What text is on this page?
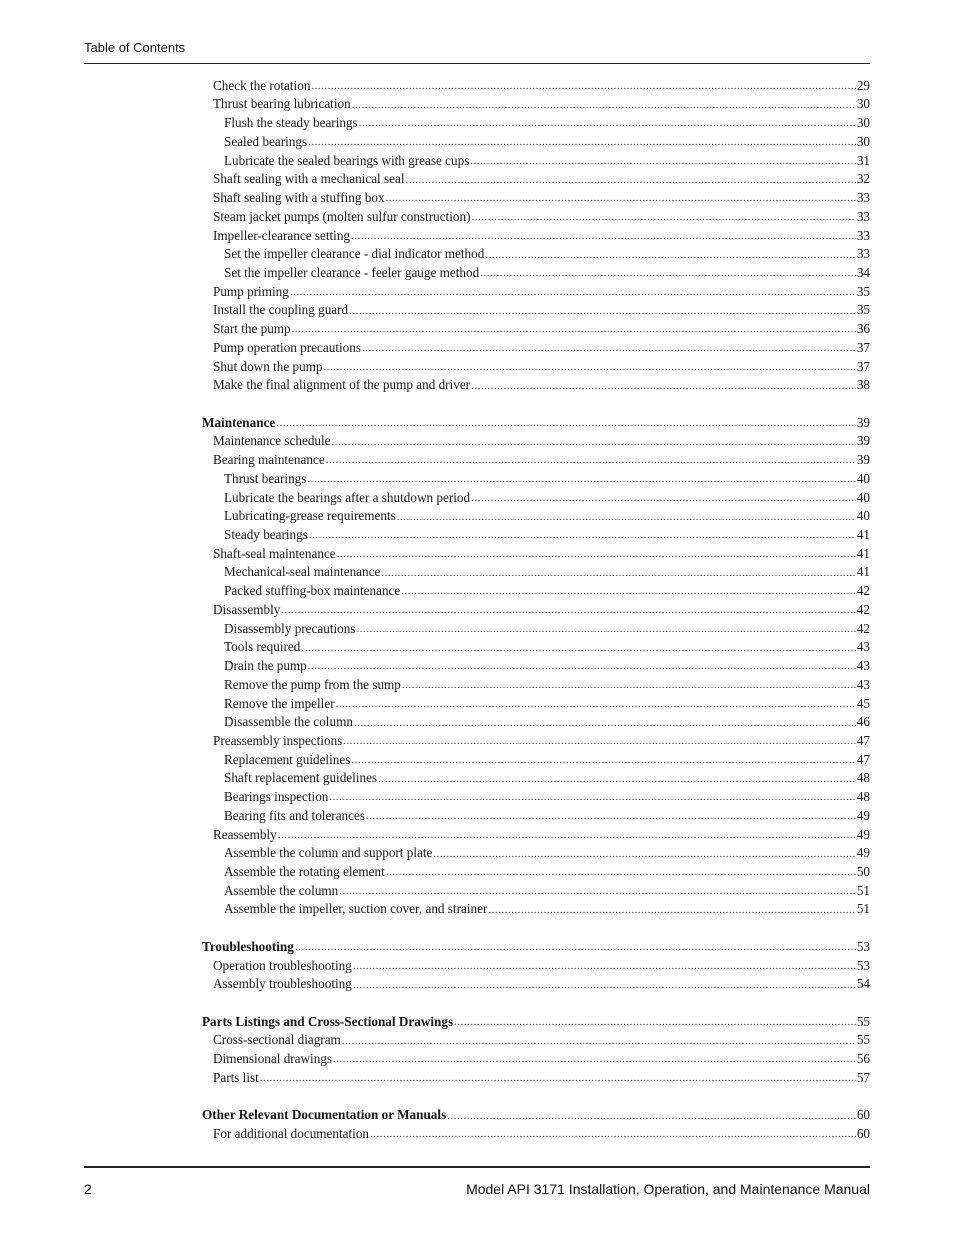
Table of Contents
Check the rotation .....	29
Thrust bearing lubrication .....	30
Flush the steady bearings .....	30
Sealed bearings .....	30
Lubricate the sealed bearings with grease cups .....	31
Shaft sealing with a mechanical seal .....	32
Shaft sealing with a stuffing box .....	33
Steam jacket pumps (molten sulfur construction) .....	33
Impeller-clearance setting .....	33
Set the impeller clearance - dial indicator method .....	33
Set the impeller clearance - feeler gauge method .....	34
Pump priming .....	35
Install the coupling guard .....	35
Start the pump .....	36
Pump operation precautions .....	37
Shut down the pump .....	37
Make the final alignment of the pump and driver .....	38
Maintenance .....	39
Maintenance schedule .....	39
Bearing maintenance .....	39
Thrust bearings .....	40
Lubricate the bearings after a shutdown period .....	40
Lubricating-grease requirements .....	40
Steady bearings .....	41
Shaft-seal maintenance .....	41
Mechanical-seal maintenance .....	41
Packed stuffing-box maintenance .....	42
Disassembly .....	42
Disassembly precautions .....	42
Tools required .....	43
Drain the pump .....	43
Remove the pump from the sump .....	43
Remove the impeller .....	45
Disassemble the column .....	46
Preassembly inspections .....	47
Replacement guidelines .....	47
Shaft replacement guidelines .....	48
Bearings inspection .....	48
Bearing fits and tolerances .....	49
Reassembly .....	49
Assemble the column and support plate .....	49
Assemble the rotating element .....	50
Assemble the column .....	51
Assemble the impeller, suction cover, and strainer .....	51
Troubleshooting .....	53
Operation troubleshooting .....	53
Assembly troubleshooting .....	54
Parts Listings and Cross-Sectional Drawings .....	55
Cross-sectional diagram .....	55
Dimensional drawings .....	56
Parts list .....	57
Other Relevant Documentation or Manuals .....	60
For additional documentation .....	60
2	Model API 3171 Installation, Operation, and Maintenance Manual
